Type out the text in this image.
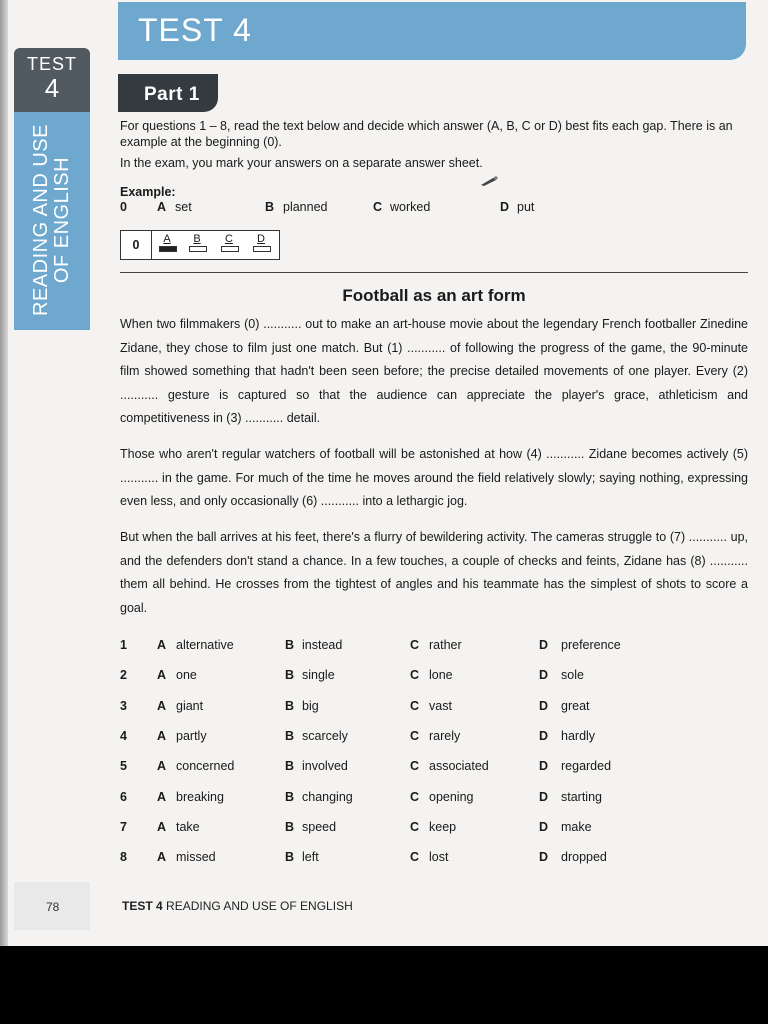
TEST
4
READING AND USE OF ENGLISH
TEST 4
Part 1
For questions 1 – 8, read the text below and decide which answer (A, B, C or D) best fits each gap. There is an example at the beginning (0).
In the exam, you mark your answers on a separate answer sheet.
Example:
0 A set	B planned	C worked	D put
0	A	B	C	D
Football as an art form

When two filmmakers (0) ........... out to make an art-house movie about the legendary French footballer Zinedine Zidane, they chose to film just one match. But (1) ........... of following the progress of the game, the 90-minute film showed something that hadn't been seen before; the precise detailed movements of one player. Every (2) ........... gesture is captured so that the audience can appreciate the player's grace, athleticism and competitiveness in (3) ........... detail.

Those who aren't regular watchers of football will be astonished at how (4) ........... Zidane becomes actively (5) ........... in the game. For much of the time he moves around the field relatively slowly; saying nothing, expressing even less, and only occasionally (6) ........... into a lethargic jog.

But when the ball arrives at his feet, there's a flurry of bewildering activity. The cameras struggle to (7) ........... up, and the defenders don't stand a chance. In a few touches, a couple of checks and feints, Zidane has (8) ........... them all behind. He crosses from the tightest of angles and his teammate has the simplest of shots to score a goal.

1 A alternative	B instead	C rather	D preference
2 A one	B single	C lone	D sole
3 A giant	B big	C vast	D great
4 A partly	B scarcely	C rarely	D hardly
5 A concerned	B involved	C associated	D regarded
6 A breaking	B changing	C opening	D starting
7 A take	B speed	C keep	D make
8 A missed	B left	C lost	D dropped
78	TEST 4 READING AND USE OF ENGLISH
